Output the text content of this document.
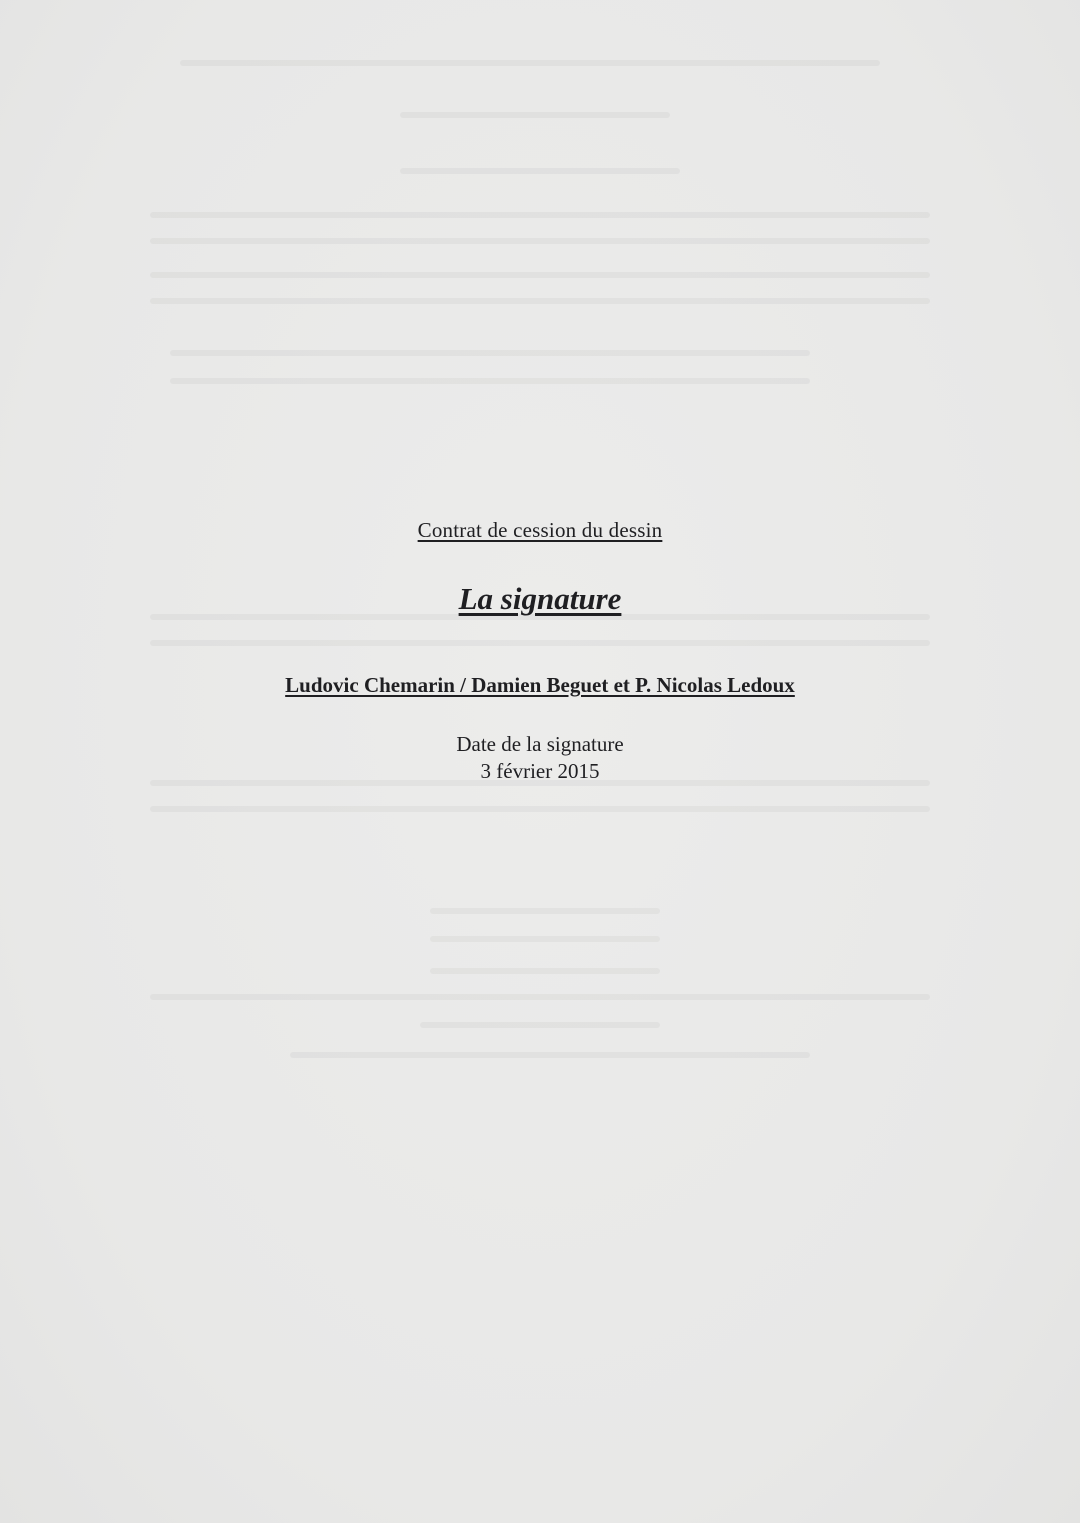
Contrat de cession du dessin
La signature
Ludovic Chemarin / Damien Beguet et P. Nicolas Ledoux
Date de la signature
3 février 2015
